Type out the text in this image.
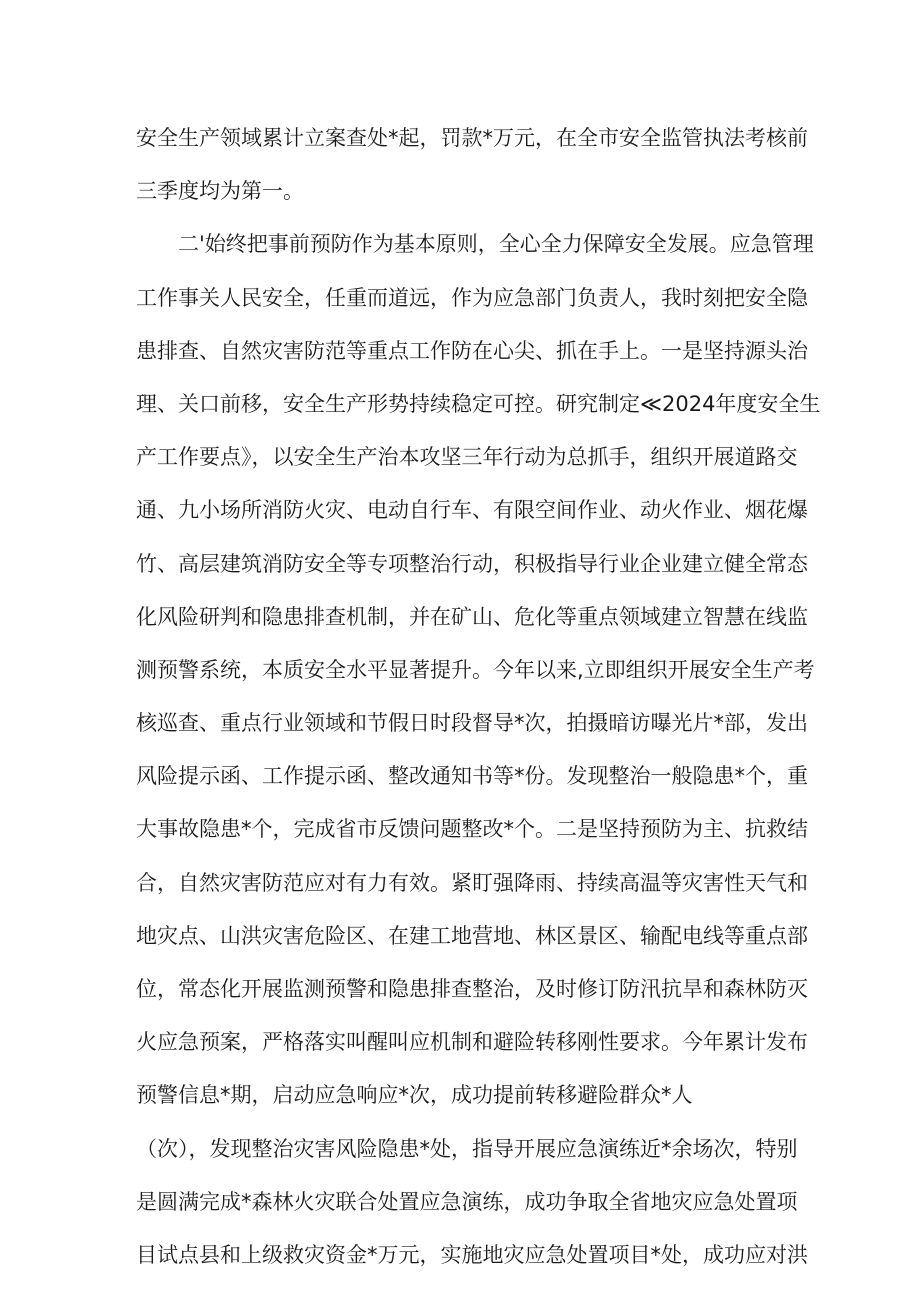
安全生产领域累计立案查处*起，罚款*万元，在全市安全监管执法考核前
三季度均为第一。
二'始终把事前预防作为基本原则，全心全力保障安全发展。应急管理
工作事关人民安全，任重而道远，作为应急部门负责人，我时刻把安全隐
患排查、自然灾害防范等重点工作防在心尖、抓在手上。一是坚持源头治
理、关口前移，安全生产形势持续稳定可控。研究制定≪2024年度安全生
产工作要点》，以安全生产治本攻坚三年行动为总抓手，组织开展道路交
通、九小场所消防火灾、电动自行车、有限空间作业、动火作业、烟花爆
竹、高层建筑消防安全等专项整治行动，积极指导行业企业建立健全常态
化风险研判和隐患排查机制，并在矿山、危化等重点领域建立智慧在线监
测预警系统，本质安全水平显著提升。今年以来,立即组织开展安全生产考
核巡查、重点行业领域和节假日时段督导*次，拍摄暗访曝光片*部，发出
风险提示函、工作提示函、整改通知书等*份。发现整治一般隐患*个，重
大事故隐患*个，完成省市反馈问题整改*个。二是坚持预防为主、抗救结
合，自然灾害防范应对有力有效。紧盯强降雨、持续高温等灾害性天气和
地灾点、山洪灾害危险区、在建工地营地、林区景区、输配电线等重点部
位，常态化开展监测预警和隐患排查整治，及时修订防汛抗旱和森林防灭
火应急预案，严格落实叫醒叫应机制和避险转移刚性要求。今年累计发布
预警信息*期，启动应急响应*次，成功提前转移避险群众*人
（次），发现整治灾害风险隐患*处，指导开展应急演练近*余场次，特别
是圆满完成*森林火灾联合处置应急演练，成功争取全省地灾应急处置项
目试点县和上级救灾资金*万元，实施地灾应急处置项目*处，成功应对洪
